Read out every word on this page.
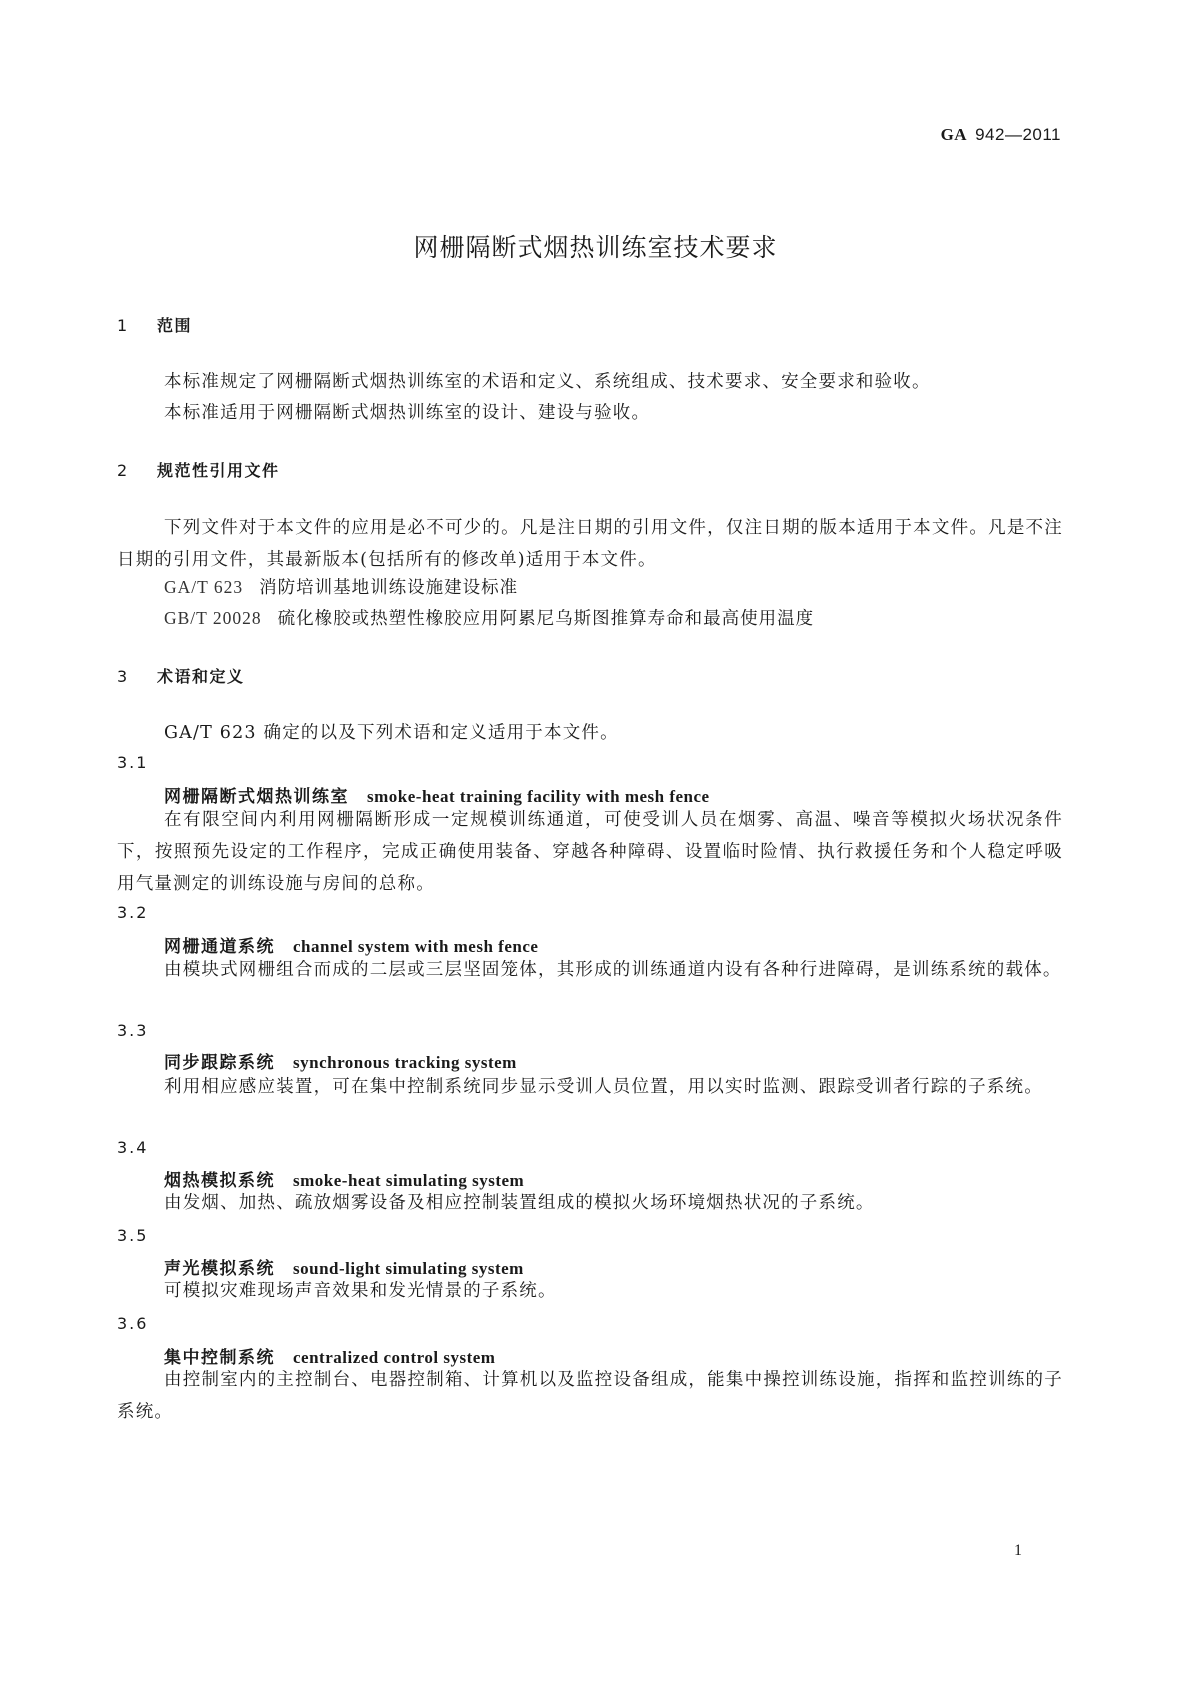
GA 942—2011
网栅隔断式烟热训练室技术要求
1 范围
本标准规定了网栅隔断式烟热训练室的术语和定义、系统组成、技术要求、安全要求和验收。
本标准适用于网栅隔断式烟热训练室的设计、建设与验收。
2 规范性引用文件
下列文件对于本文件的应用是必不可少的。凡是注日期的引用文件，仅注日期的版本适用于本文件。凡是不注日期的引用文件，其最新版本(包括所有的修改单)适用于本文件。
GA/T 623 消防培训基地训练设施建设标准
GB/T 20028 硫化橡胶或热塑性橡胶应用阿累尼乌斯图推算寿命和最高使用温度
3 术语和定义
GA/T 623 确定的以及下列术语和定义适用于本文件。
3.1
网栅隔断式烟热训练室 smoke-heat training facility with mesh fence
在有限空间内利用网栅隔断形成一定规模训练通道，可使受训人员在烟雾、高温、噪音等模拟火场状况条件下，按照预先设定的工作程序，完成正确使用装备、穿越各种障碍、设置临时险情、执行救援任务和个人稳定呼吸用气量测定的训练设施与房间的总称。
3.2
网栅通道系统 channel system with mesh fence
由模块式网栅组合而成的二层或三层坚固笼体，其形成的训练通道内设有各种行进障碍，是训练系统的载体。
3.3
同步跟踪系统 synchronous tracking system
利用相应感应装置，可在集中控制系统同步显示受训人员位置，用以实时监测、跟踪受训者行踪的子系统。
3.4
烟热模拟系统 smoke-heat simulating system
由发烟、加热、疏放烟雾设备及相应控制装置组成的模拟火场环境烟热状况的子系统。
3.5
声光模拟系统 sound-light simulating system
可模拟灾难现场声音效果和发光情景的子系统。
3.6
集中控制系统 centralized control system
由控制室内的主控制台、电器控制箱、计算机以及监控设备组成，能集中操控训练设施，指挥和监控训练的子系统。
1
